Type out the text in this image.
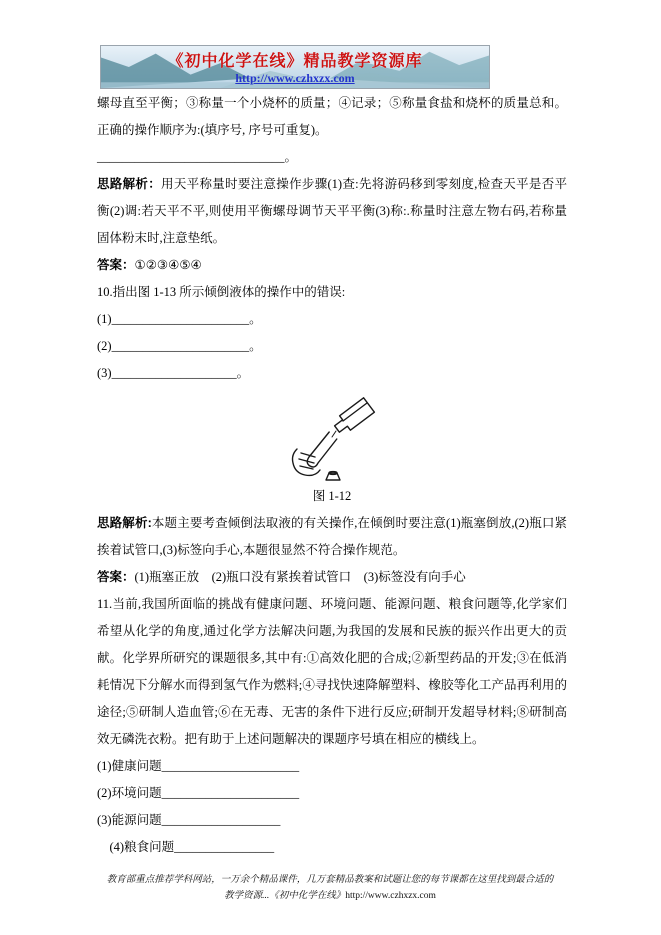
《初中化学在线》精品教学资源库
http://www.czhxzx.com

螺母直至平衡；③称量一个小烧杯的质量；④记录；⑤称量食盐和烧杯的质量总和。正确的操作顺序为:(填序号, 序号可重复)。

______________________________。

思路解析：用天平称量时要注意操作步骤(1)查:先将游码移到零刻度,检查天平是否平衡(2)调:若天平不平,则使用平衡螺母调节天平平衡(3)称:.称量时注意左物右码,若称量固体粉末时,注意垫纸。

答案：①②③④⑤④

10.指出图 1-13 所示倾倒液体的操作中的错误:

(1)______________________。

(2)______________________。

(3)____________________。

图 1-12

思路解析:本题主要考查倾倒法取液的有关操作,在倾倒时要注意(1)瓶塞倒放,(2)瓶口紧挨着试管口,(3)标签向手心,本题很显然不符合操作规范。

答案：(1)瓶塞正放　(2)瓶口没有紧挨着试管口　(3)标签没有向手心

11.当前,我国所面临的挑战有健康问题、环境问题、能源问题、粮食问题等,化学家们希望从化学的角度,通过化学方法解决问题,为我国的发展和民族的振兴作出更大的贡献。化学界所研究的课题很多,其中有:①高效化肥的合成;②新型药品的开发;③在低消耗情况下分解水而得到氢气作为燃料;④寻找快速降解塑料、橡胶等化工产品再利用的途径;⑤研制人造血管;⑥在无毒、无害的条件下进行反应;研制开发超导材料;⑧研制高效无磷洗衣粉。把有助于上述问题解决的课题序号填在相应的横线上。

(1)健康问题______________________

(2)环境问题______________________

(3)能源问题___________________

　(4)粮食问题________________

教育部重点推荐学科网站，一万余个精品课件，几万套精品教案和试题让您的每节课都在这里找到最合适的

教学资源...《初中化学在线》http://www.czhxzx.com
